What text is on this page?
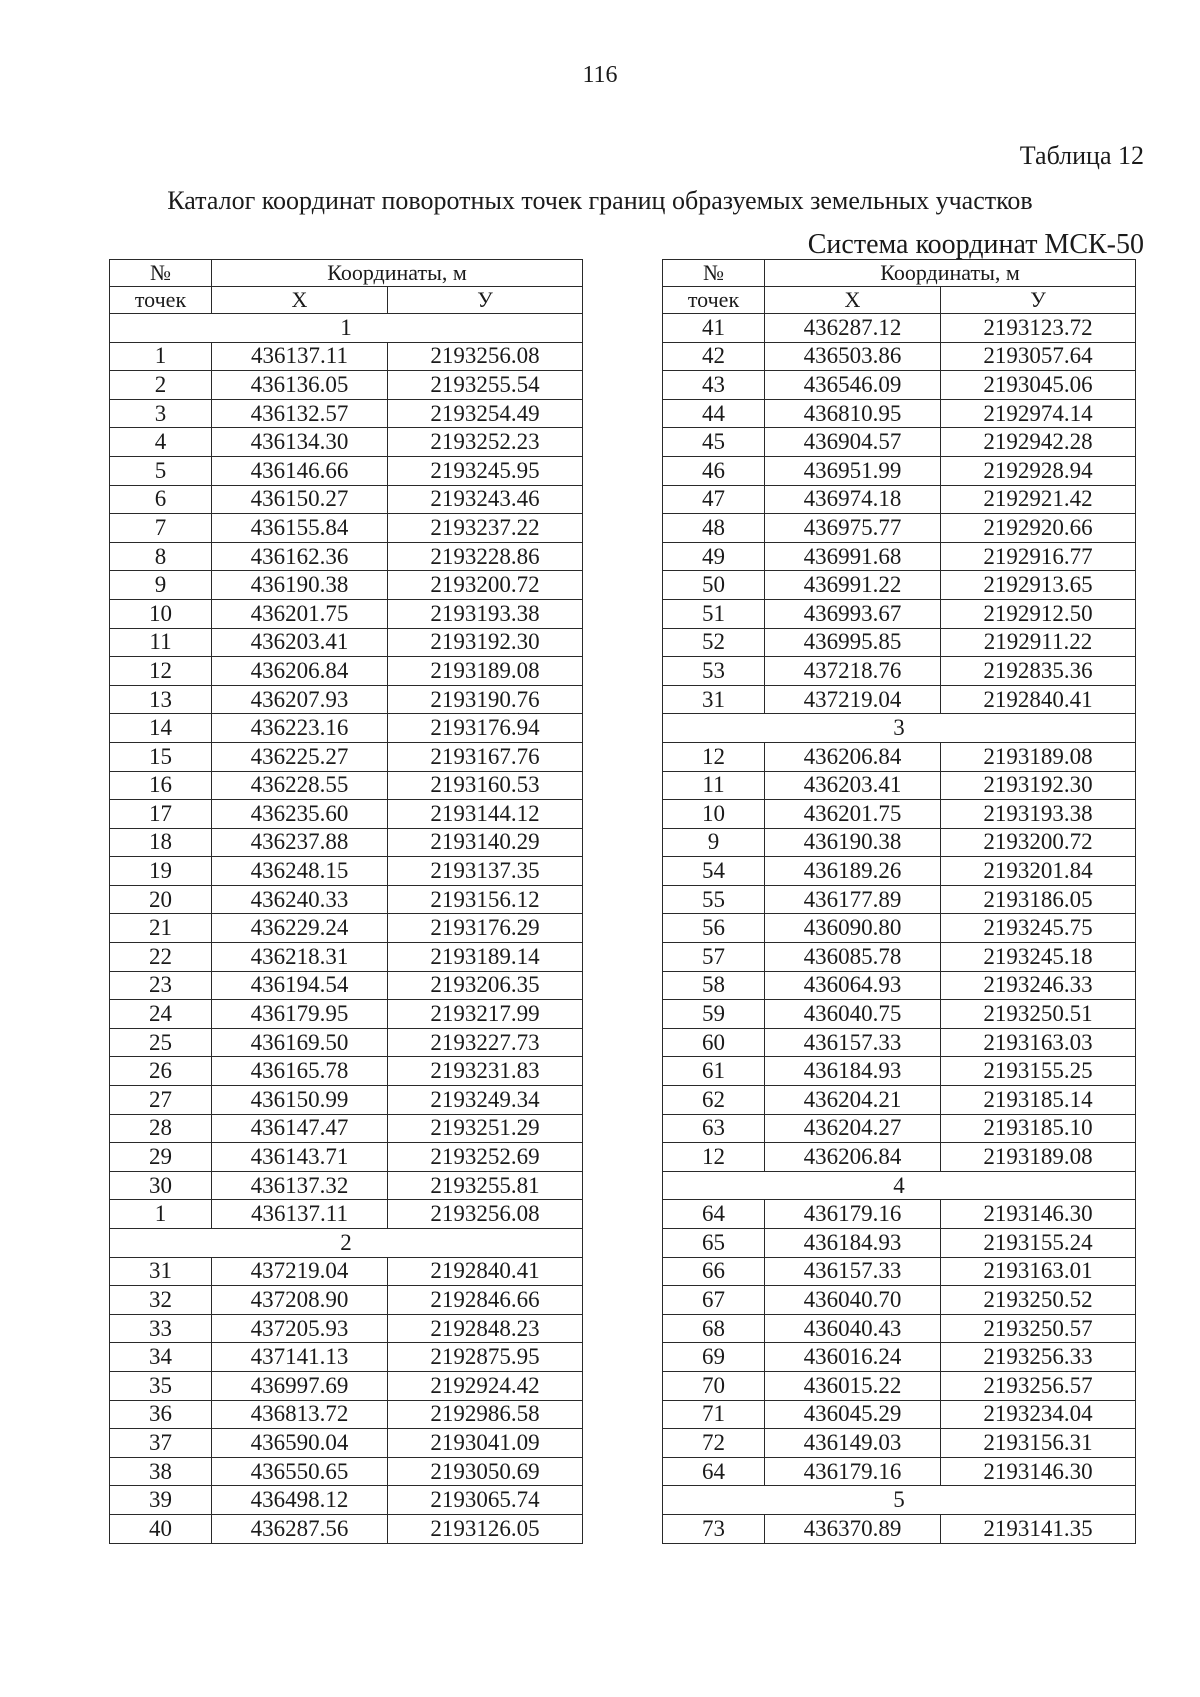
116
Таблица 12
Каталог координат поворотных точек границ образуемых земельных участков
Система координат МСК-50
№	Координаты, м	
точек	X	У
1		
1	436137.11	2193256.08
2	436136.05	2193255.54
3	436132.57	2193254.49
4	436134.30	2193252.23
5	436146.66	2193245.95
6	436150.27	2193243.46
7	436155.84	2193237.22
8	436162.36	2193228.86
9	436190.38	2193200.72
10	436201.75	2193193.38
11	436203.41	2193192.30
12	436206.84	2193189.08
13	436207.93	2193190.76
14	436223.16	2193176.94
15	436225.27	2193167.76
16	436228.55	2193160.53
17	436235.60	2193144.12
18	436237.88	2193140.29
19	436248.15	2193137.35
20	436240.33	2193156.12
21	436229.24	2193176.29
22	436218.31	2193189.14
23	436194.54	2193206.35
24	436179.95	2193217.99
25	436169.50	2193227.73
26	436165.78	2193231.83
27	436150.99	2193249.34
28	436147.47	2193251.29
29	436143.71	2193252.69
30	436137.32	2193255.81
1	436137.11	2193256.08
2		
31	437219.04	2192840.41
32	437208.90	2192846.66
33	437205.93	2192848.23
34	437141.13	2192875.95
35	436997.69	2192924.42
36	436813.72	2192986.58
37	436590.04	2193041.09
38	436550.65	2193050.69
39	436498.12	2193065.74
40	436287.56	2193126.05
№	Координаты, м	
точек	X	У
41	436287.12	2193123.72
42	436503.86	2193057.64
43	436546.09	2193045.06
44	436810.95	2192974.14
45	436904.57	2192942.28
46	436951.99	2192928.94
47	436974.18	2192921.42
48	436975.77	2192920.66
49	436991.68	2192916.77
50	436991.22	2192913.65
51	436993.67	2192912.50
52	436995.85	2192911.22
53	437218.76	2192835.36
31	437219.04	2192840.41
3		
12	436206.84	2193189.08
11	436203.41	2193192.30
10	436201.75	2193193.38
9	436190.38	2193200.72
54	436189.26	2193201.84
55	436177.89	2193186.05
56	436090.80	2193245.75
57	436085.78	2193245.18
58	436064.93	2193246.33
59	436040.75	2193250.51
60	436157.33	2193163.03
61	436184.93	2193155.25
62	436204.21	2193185.14
63	436204.27	2193185.10
12	436206.84	2193189.08
4		
64	436179.16	2193146.30
65	436184.93	2193155.24
66	436157.33	2193163.01
67	436040.70	2193250.52
68	436040.43	2193250.57
69	436016.24	2193256.33
70	436015.22	2193256.57
71	436045.29	2193234.04
72	436149.03	2193156.31
64	436179.16	2193146.30
5		
73	436370.89	2193141.35
